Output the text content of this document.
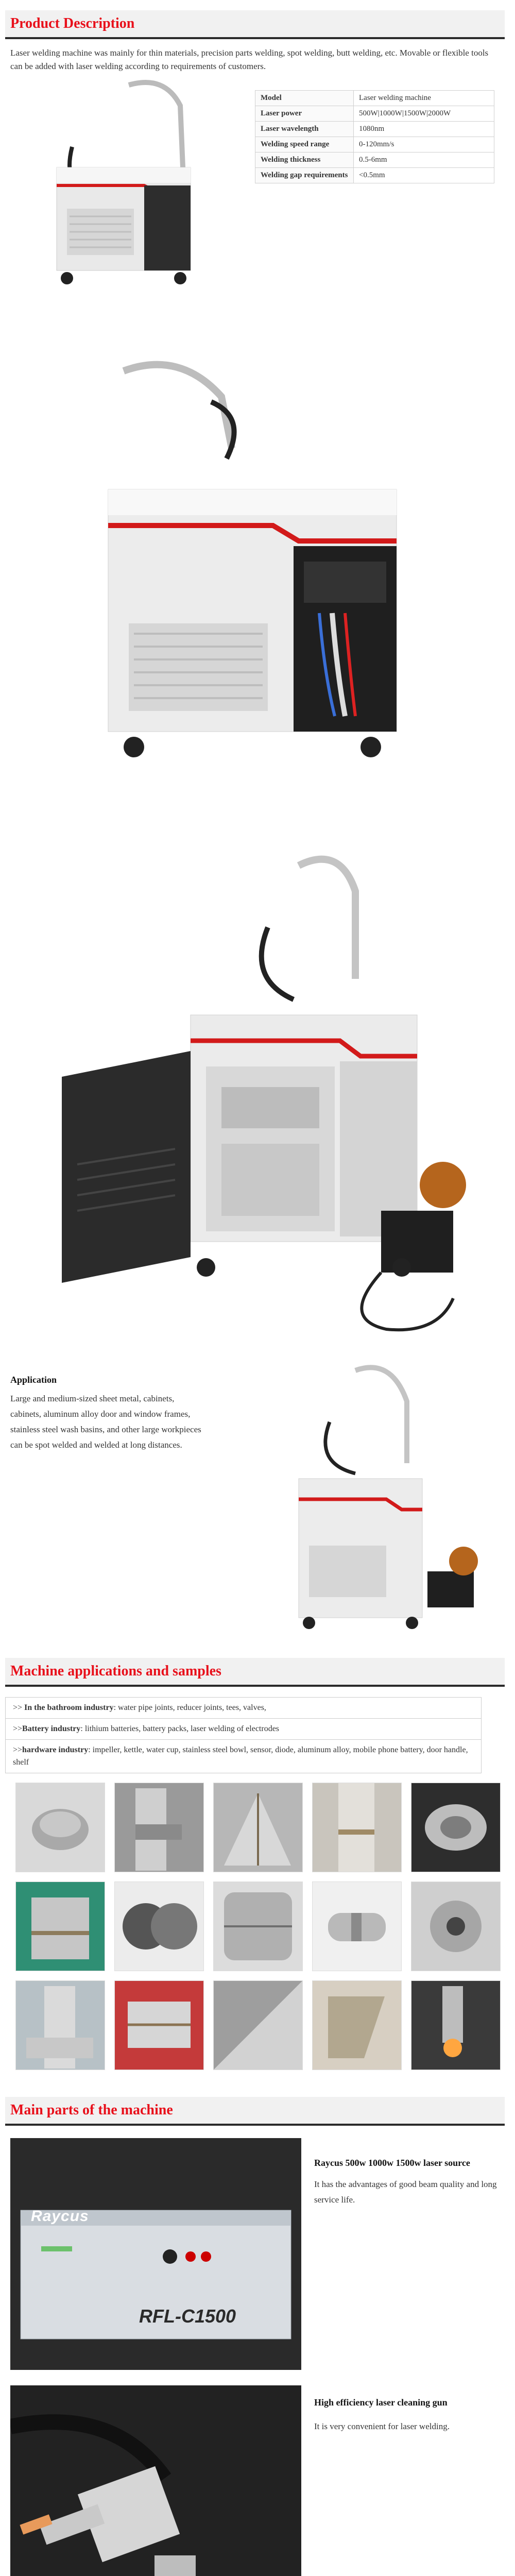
Product Description
Laser welding machine was mainly for thin materials, precision parts welding, spot welding, butt welding, etc. Movable or flexible tools can be added with laser welding according to requirements of customers.
Model	Laser welding machine
Laser power	500W|1000W|1500W|2000W
Laser wavelength	1080nm
Welding speed range	0-120mm/s
Welding thickness	0.5-6mm
Welding gap requirements	<0.5mm
Application
Large and medium-sized sheet metal, cabinets, cabinets, aluminum alloy door and window frames, stainless steel wash basins, and other large workpieces can be spot welded and welded at long distances.
Machine applications and samples
>> In the bathroom industry: water pipe joints, reducer joints, tees, valves,
>>Battery industry: lithium batteries, battery packs, laser welding of electrodes
>>hardware industry: impeller, kettle, water cup, stainless steel bowl, sensor, diode, aluminum alloy, mobile phone battery, door handle, shelf
Main parts of the machine
Raycus
RFL-C1500
Raycus 500w 1000w 1500w laser source
It has the advantages of good beam quality and long service life.
High efficiency laser cleaning gun
It is very convenient for laser welding.
